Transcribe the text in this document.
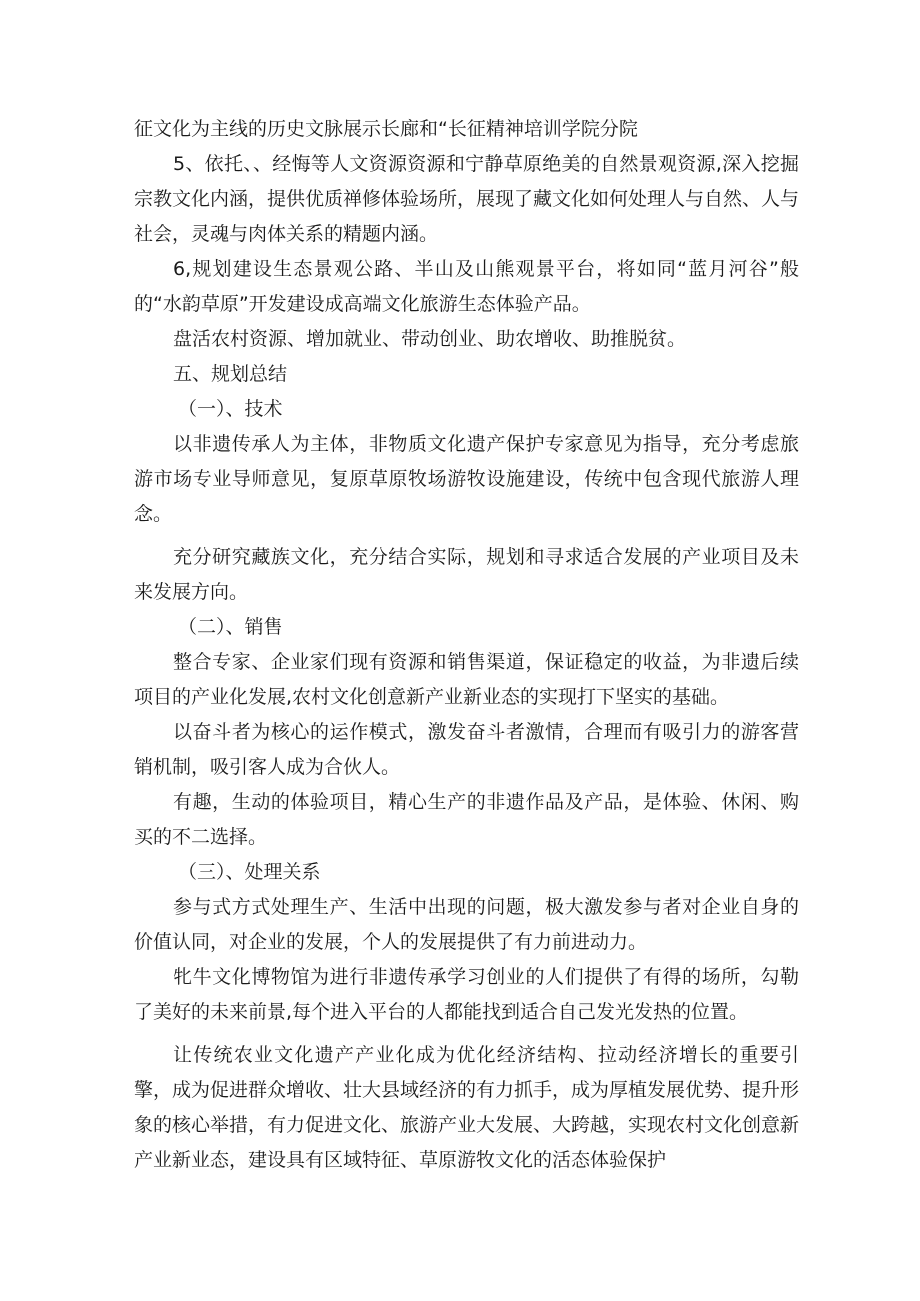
征文化为主线的历史文脉展示长廊和“长征精神培训学院分院

5、依托、、经悔等人文资源资源和宁静草原绝美的自然景观资源,深入挖掘宗教文化内涵，提供优质禅修体验场所，展现了藏文化如何处理人与自然、人与社会，灵魂与肉体关系的精题内涵。

6,规划建设生态景观公路、半山及山熊观景平台，将如同“蓝月河谷”般的“水韵草原”开发建设成高端文化旅游生态体验产品。

盘活农村资源、增加就业、带动创业、助农增收、助推脱贫。

五、规划总结

（一）、技术

以非遗传承人为主体，非物质文化遗产保护专家意见为指导，充分考虑旅游市场专业导师意见，复原草原牧场游牧设施建设，传统中包含现代旅游人理念。

充分研究藏族文化，充分结合实际，规划和寻求适合发展的产业项目及未来发展方向。

（二）、销售

整合专家、企业家们现有资源和销售渠道，保证稳定的收益，为非遗后续项目的产业化发展,农村文化创意新产业新业态的实现打下坚实的基础。

以奋斗者为核心的运作模式，激发奋斗者激情，合理而有吸引力的游客营销机制，吸引客人成为合伙人。

有趣，生动的体验项目，精心生产的非遗作品及产品，是体验、休闲、购买的不二选择。

（三）、处理关系

参与式方式处理生产、生活中出现的问题，极大激发参与者对企业自身的价值认同，对企业的发展，个人的发展提供了有力前进动力。

牝牛文化博物馆为进行非遗传承学习创业的人们提供了有得的场所，勾勒了美好的未来前景,每个进入平台的人都能找到适合自己发光发热的位置。

让传统农业文化遗产产业化成为优化经济结构、拉动经济增长的重要引擎，成为促进群众增收、壮大县域经济的有力抓手，成为厚植发展优势、提升形象的核心举措，有力促进文化、旅游产业大发展、大跨越，实现农村文化创意新产业新业态，建设具有区域特征、草原游牧文化的活态体验保护
